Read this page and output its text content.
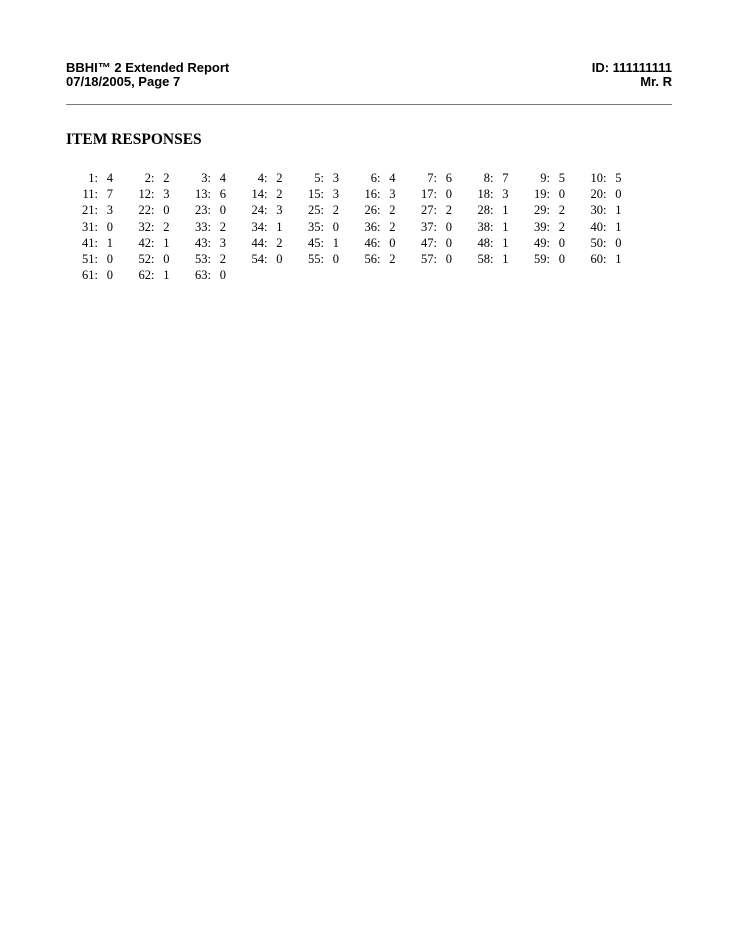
BBHI™ 2 Extended Report
07/18/2005, Page 7
ID: 111111111
Mr. R
ITEM RESPONSES
1: 4	2: 2	3: 4	4: 2	5: 3	6: 4	7: 6	8: 7	9: 5	10: 5
11: 7	12: 3	13: 6	14: 2	15: 3	16: 3	17: 0	18: 3	19: 0	20: 0
21: 3	22: 0	23: 0	24: 3	25: 2	26: 2	27: 2	28: 1	29: 2	30: 1
31: 0	32: 2	33: 2	34: 1	35: 0	36: 2	37: 0	38: 1	39: 2	40: 1
41: 1	42: 1	43: 3	44: 2	45: 1	46: 0	47: 0	48: 1	49: 0	50: 0
51: 0	52: 0	53: 2	54: 0	55: 0	56: 2	57: 0	58: 1	59: 0	60: 1
61: 0	62: 1	63: 0
